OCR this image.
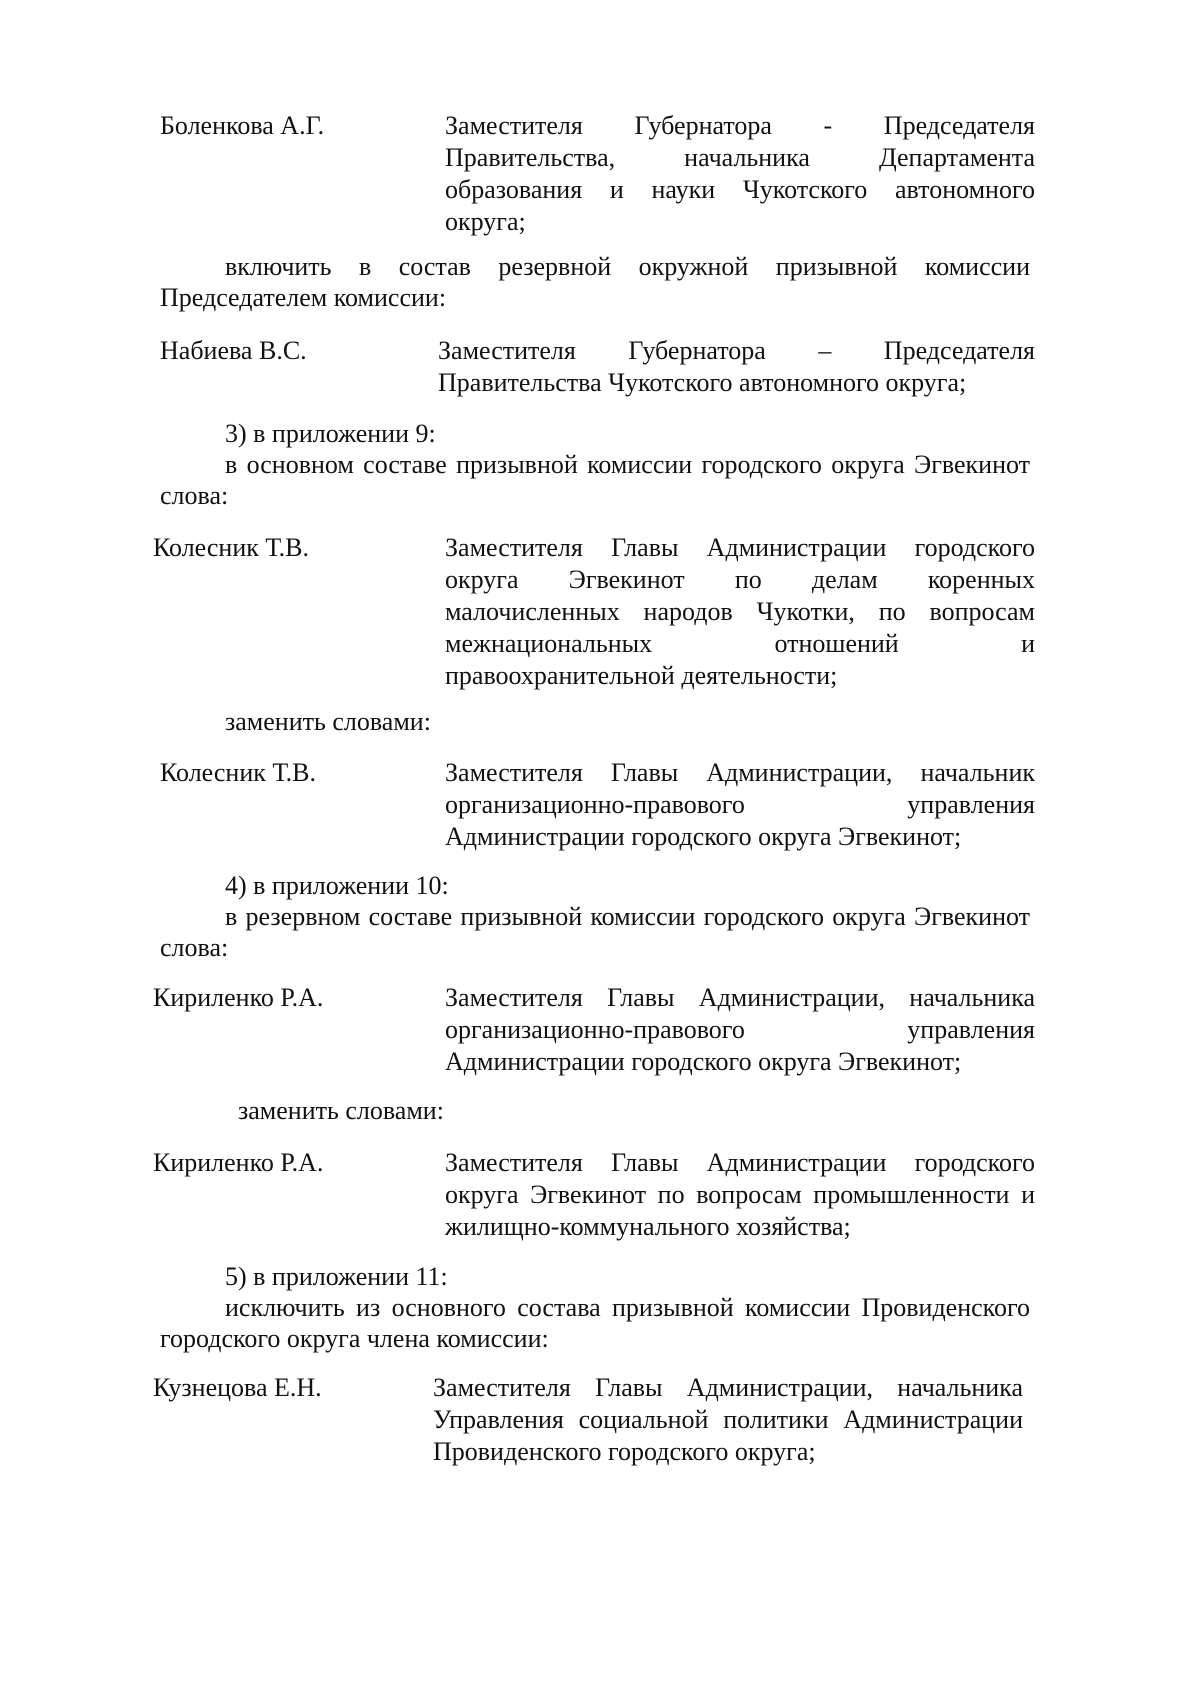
Боленкова А.Г.	Заместителя Губернатора - Председателя
Правительства, начальника Департамента
образования и науки Чукотского автономного
округа;
включить в состав резервной окружной призывной комиссии
Председателем комиссии:
Набиева В.С.	Заместителя Губернатора – Председателя
Правительства Чукотского автономного округа;
3) в приложении 9:
в основном составе призывной комиссии городского округа Эгвекинот
слова:
Колесник Т.В.	Заместителя Главы Администрации городского
округа Эгвекинот по делам коренных
малочисленных народов Чукотки, по вопросам
межнациональных отношений и
правоохранительной деятельности;
заменить словами:
Колесник Т.В.	Заместителя Главы Администрации, начальник
организационно-правового управления
Администрации городского округа Эгвекинот;
4) в приложении 10:
в резервном составе призывной комиссии городского округа Эгвекинот
слова:
Кириленко Р.А.	Заместителя Главы Администрации, начальника
организационно-правового управления
Администрации городского округа Эгвекинот;
заменить словами:
Кириленко Р.А.	Заместителя Главы Администрации городского
округа Эгвекинот по вопросам промышленности и
жилищно-коммунального хозяйства;
5) в приложении 11:
исключить из основного состава призывной комиссии Провиденского
городского округа члена комиссии:
Кузнецова Е.Н.	Заместителя Главы Администрации, начальника
Управления социальной политики Администрации
Провиденского городского округа;
